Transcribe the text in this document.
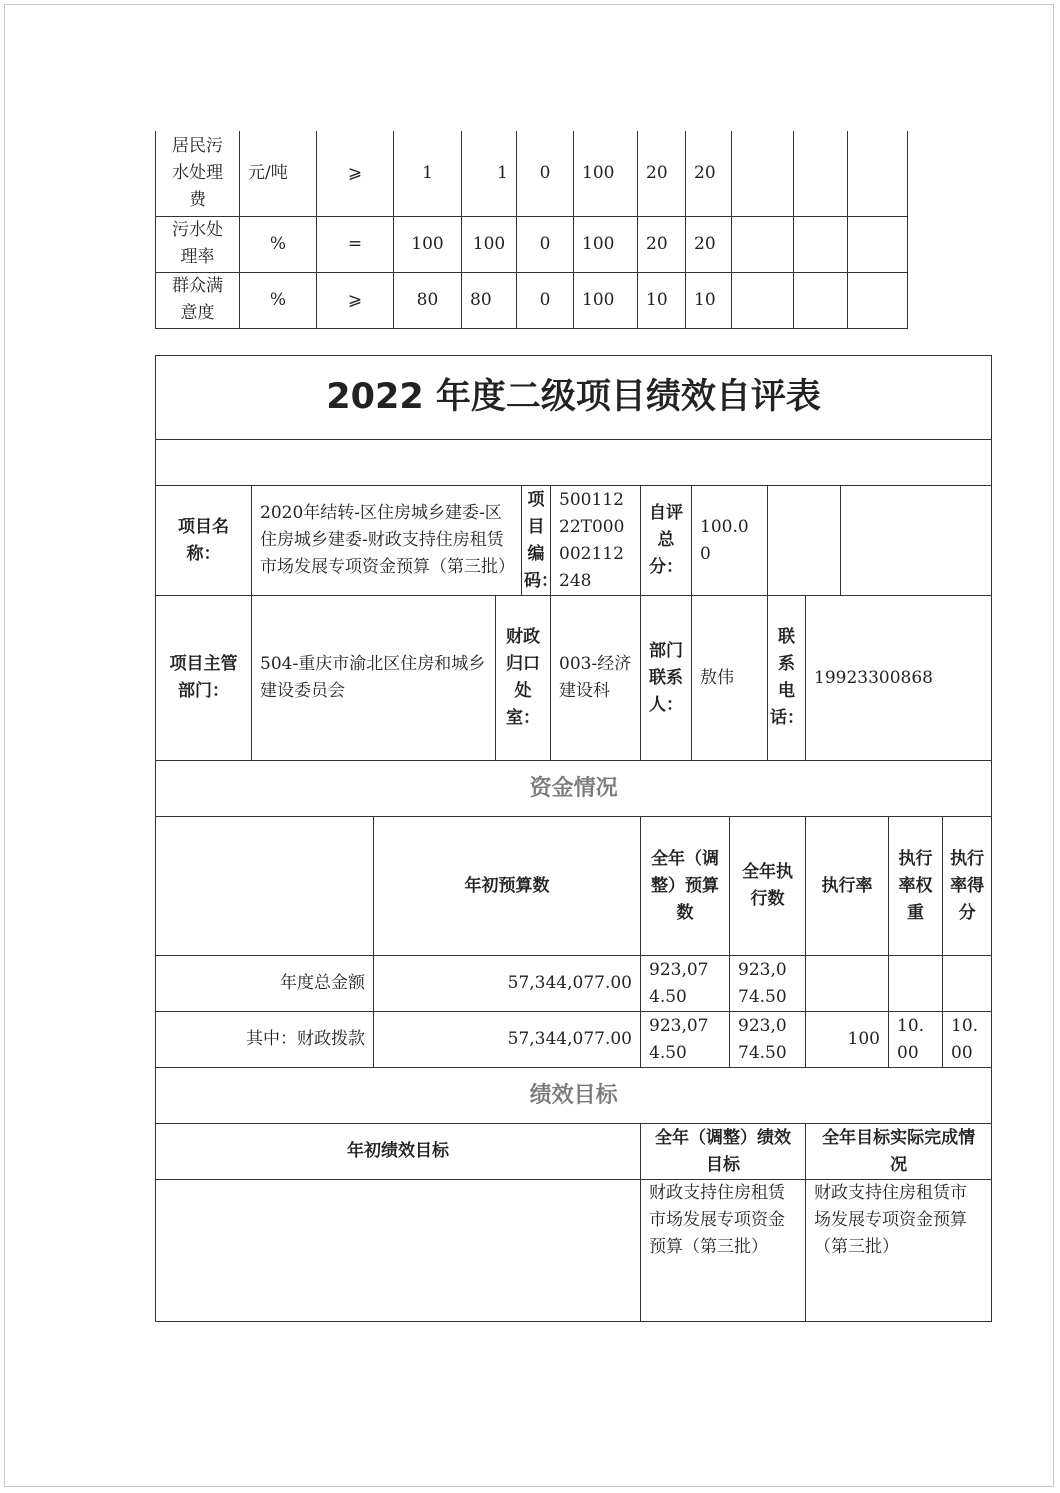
居民污水处理费	元/吨	⩾	1	1	0	100	20	20			
污水处理率	%	=	100	100	0	100	20	20			
群众满意度	%	⩾	80	80	0	100	10	10			
2022 年度二级项目绩效自评表													

项目名称：	2020年结转-区住房城乡建委-区住房城乡建委-财政支持住房租赁市场发展专项资金预算（第三批）			项目编码：	50011222T000002112248	自评总分：	100.00						
项目主管部门：	504-重庆市渝北区住房和城乡建设委员会		财政归口处室：		003-经济建设科	部门联系人：	敖伟		联系电话：	19923300868			
资金情况													
		年初预算数				全年（调整）预算数		全年执行数		执行率		执行率权重	执行率得分
年度总金额		57,344,077.00				923,074.50		923,074.50					
其中：财政拨款		57,344,077.00				923,074.50		923,074.50		100		10.00	10.00
绩效目标													
年初绩效目标						全年（调整）绩效目标				全年目标实际完成情况			
						财政支持住房租赁市场发展专项资金预算（第三批）				财政支持住房租赁市场发展专项资金预算（第三批）			
